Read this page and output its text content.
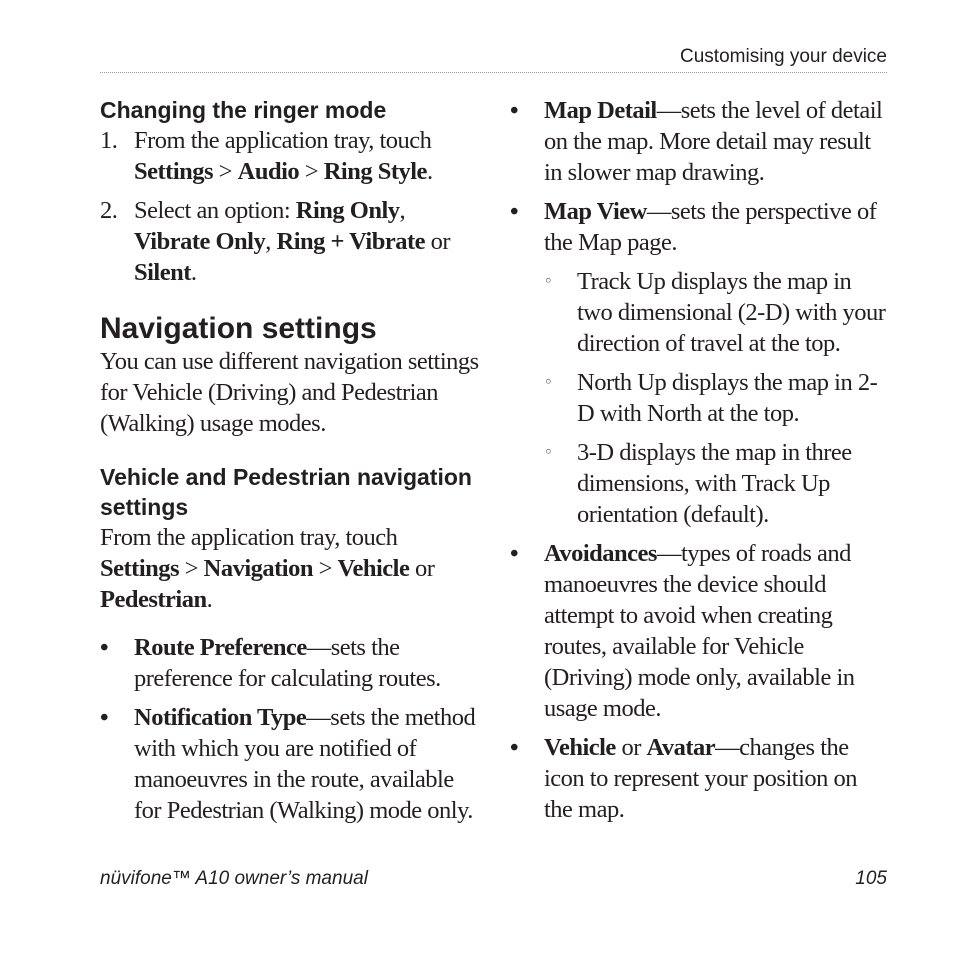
Customising your device
Changing the ringer mode
1. From the application tray, touch Settings > Audio > Ring Style.
2. Select an option: Ring Only, Vibrate Only, Ring + Vibrate or Silent.
Navigation settings

You can use different navigation settings for Vehicle (Driving) and Pedestrian (Walking) usage modes.

Vehicle and Pedestrian navigation settings

From the application tray, touch Settings > Navigation > Vehicle or Pedestrian.

• Route Preference—sets the preference for calculating routes.
• Notification Type—sets the method with which you are notified of manoeuvres in the route, available for Pedestrian (Walking) mode only.
• Map Detail—sets the level of detail on the map. More detail may result in slower map drawing.
• Map View—sets the perspective of the Map page.
◦ Track Up displays the map in two dimensional (2-D) with your direction of travel at the top.
◦ North Up displays the map in 2-D with North at the top.
◦ 3-D displays the map in three dimensions, with Track Up orientation (default).
• Avoidances—types of roads and manoeuvres the device should attempt to avoid when creating routes, available for Vehicle (Driving) mode only, available in usage mode.
• Vehicle or Avatar—changes the icon to represent your position on the map.
nüvifone™ A10 owner’s manual	105
